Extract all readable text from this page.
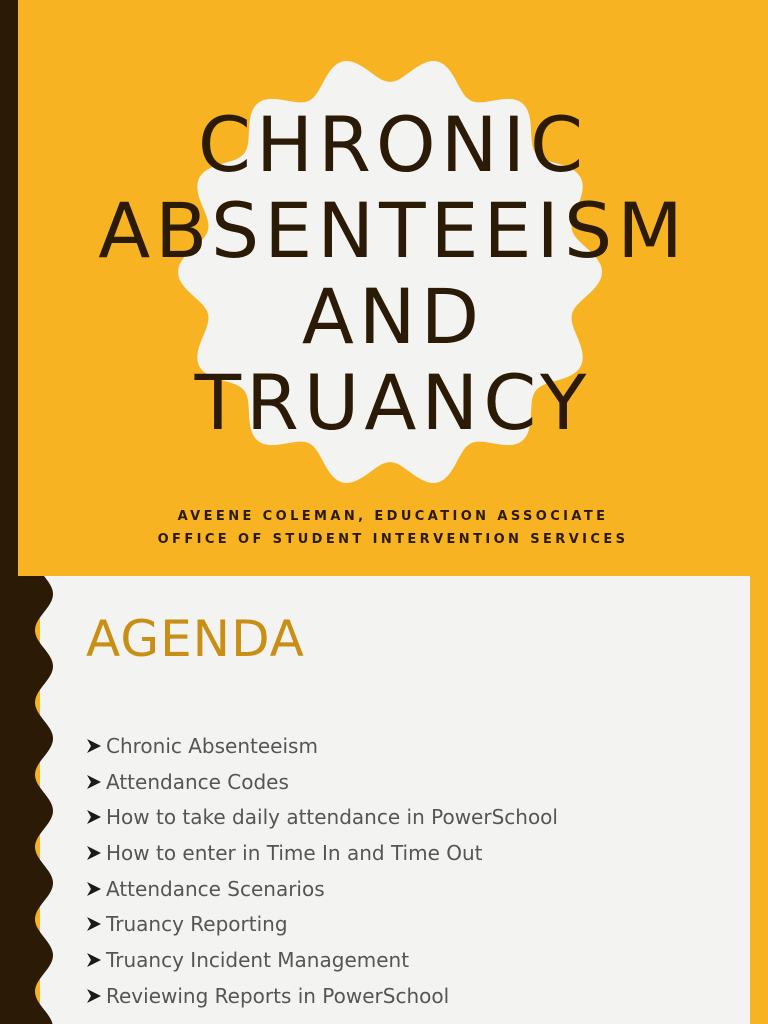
CHRONIC
ABSENTEEISM
AND
TRUANCY
AVEENE COLEMAN, EDUCATION ASSOCIATE
OFFICE OF STUDENT INTERVENTION SERVICES
AGENDA
Chronic Absenteeism
Attendance Codes
How to take daily attendance in PowerSchool
How to enter in Time In and Time Out
Attendance Scenarios
Truancy Reporting
Truancy Incident Management
Reviewing Reports in PowerSchool
